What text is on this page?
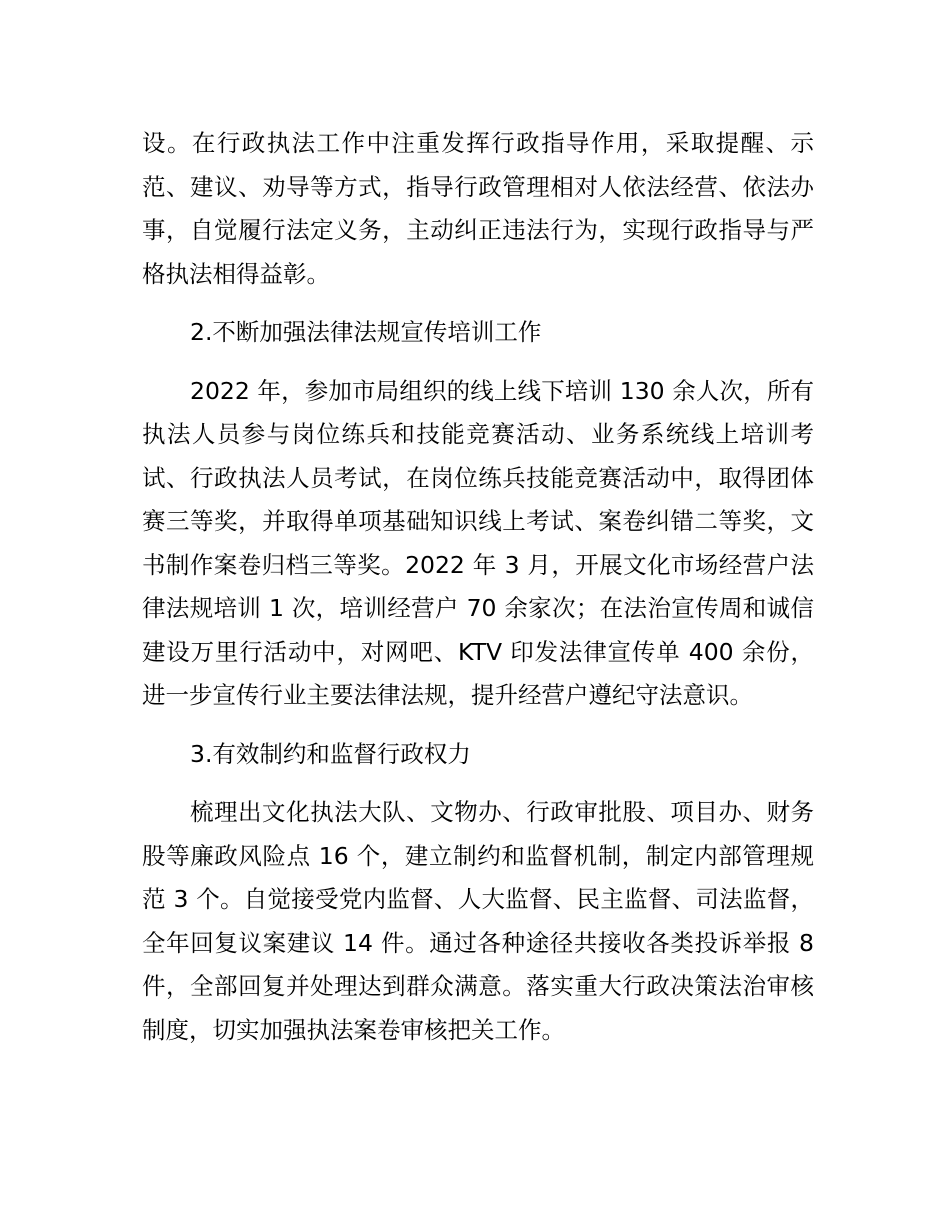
设。在行政执法工作中注重发挥行政指导作用，采取提醒、示范、建议、劝导等方式，指导行政管理相对人依法经营、依法办事，自觉履行法定义务，主动纠正违法行为，实现行政指导与严格执法相得益彰。

2.不断加强法律法规宣传培训工作

2022 年，参加市局组织的线上线下培训 130 余人次，所有执法人员参与岗位练兵和技能竞赛活动、业务系统线上培训考试、行政执法人员考试，在岗位练兵技能竞赛活动中，取得团体赛三等奖，并取得单项基础知识线上考试、案卷纠错二等奖，文书制作案卷归档三等奖。2022 年 3 月，开展文化市场经营户法律法规培训 1 次，培训经营户 70 余家次；在法治宣传周和诚信建设万里行活动中，对网吧、KTV 印发法律宣传单 400 余份，进一步宣传行业主要法律法规，提升经营户遵纪守法意识。

3.有效制约和监督行政权力

梳理出文化执法大队、文物办、行政审批股、项目办、财务股等廉政风险点 16 个，建立制约和监督机制，制定内部管理规范 3 个。自觉接受党内监督、人大监督、民主监督、司法监督，全年回复议案建议 14 件。通过各种途径共接收各类投诉举报 8 件，全部回复并处理达到群众满意。落实重大行政决策法治审核制度，切实加强执法案卷审核把关工作。
